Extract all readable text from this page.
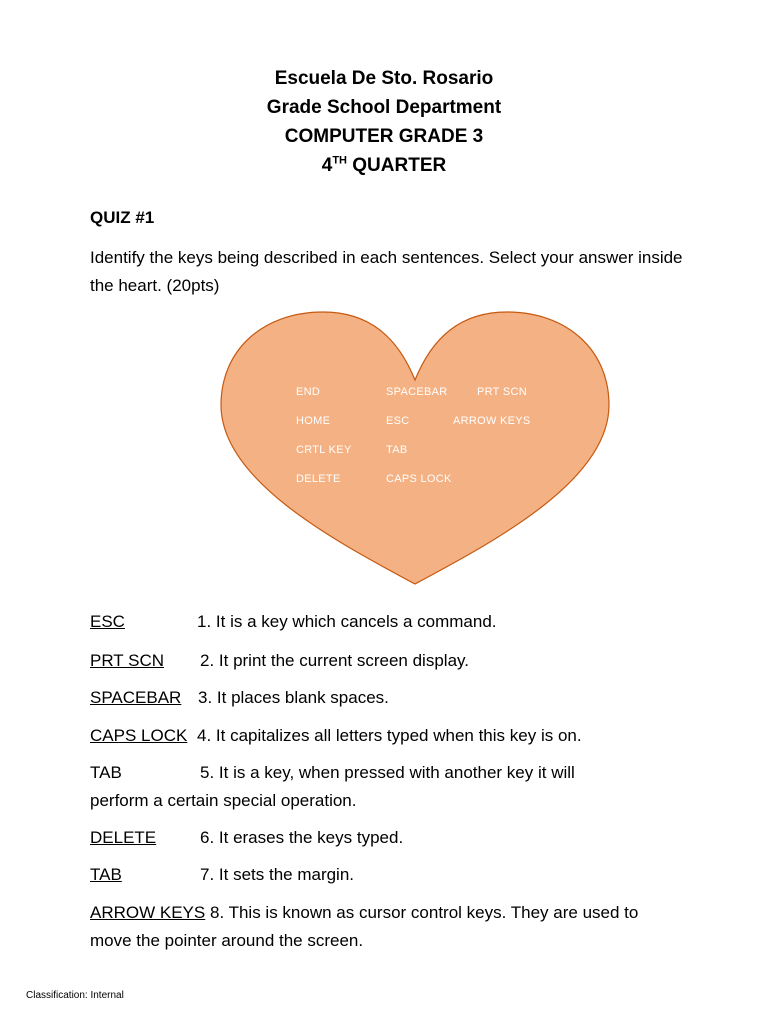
Escuela De Sto. Rosario
Grade School Department
COMPUTER GRADE 3
4TH QUARTER
QUIZ #1
Identify the keys being described in each sentences. Select your answer inside the heart. (20pts)
END	SPACEBAR	PRT SCN
HOME	ESC	ARROW KEYS
CRTL KEY	TAB
DELETE	CAPS LOCK
ESC	1. It is a key which cancels a command.
PRT SCN 2. It print the current screen display.
SPACEBAR 3. It places blank spaces.
CAPS LOCK 4. It capitalizes all letters typed when this key is on.
TAB	5. It is a key, when pressed with another key it will
perform a certain special operation.
DELETE	6. It erases the keys typed.
TAB	7. It sets the margin.
ARROW KEYS 8. This is known as cursor control keys. They are used to
move the pointer around the screen.
Classification: Internal
